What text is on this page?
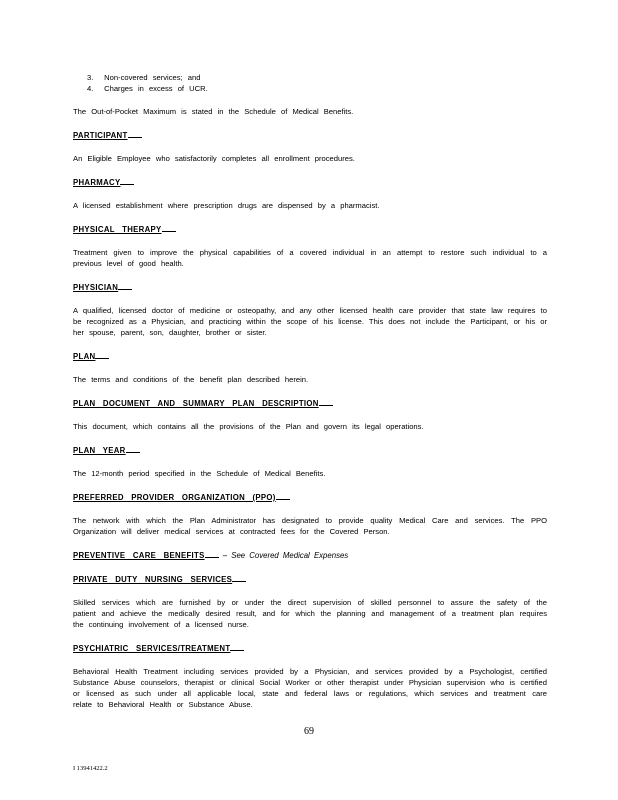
3. Non-covered services; and
4. Charges in excess of UCR.

The Out-of-Pocket Maximum is stated in the Schedule of Medical Benefits.

PARTICIPANT

An Eligible Employee who satisfactorily completes all enrollment procedures.

PHARMACY

A licensed establishment where prescription drugs are dispensed by a pharmacist.

PHYSICAL THERAPY

Treatment given to improve the physical capabilities of a covered individual in an attempt to restore such individual to a previous level of good health.

PHYSICIAN

A qualified, licensed doctor of medicine or osteopathy, and any other licensed health care provider that state law requires to be recognized as a Physician, and practicing within the scope of his license. This does not include the Participant, or his or her spouse, parent, son, daughter, brother or sister.

PLAN

The terms and conditions of the benefit plan described herein.

PLAN DOCUMENT AND SUMMARY PLAN DESCRIPTION

This document, which contains all the provisions of the Plan and govern its legal operations.

PLAN YEAR

The 12-month period specified in the Schedule of Medical Benefits.

PREFERRED PROVIDER ORGANIZATION (PPO)

The network with which the Plan Administrator has designated to provide quality Medical Care and services. The PPO Organization will deliver medical services at contracted fees for the Covered Person.

PREVENTIVE CARE BENEFITS – See Covered Medical Expenses
PRIVATE DUTY NURSING SERVICES

Skilled services which are furnished by or under the direct supervision of skilled personnel to assure the safety of the patient and achieve the medically desired result, and for which the planning and management of a treatment plan requires the continuing involvement of a licensed nurse.

PSYCHIATRIC SERVICES/TREATMENT

Behavioral Health Treatment including services provided by a Physician, and services provided by a Psychologist, certified Substance Abuse counselors, therapist or clinical Social Worker or other therapist under Physician supervision who is certified or licensed as such under all applicable local, state and federal laws or regulations, which services and treatment care relate to Behavioral Health or Substance Abuse.

69
I 13941422.2
